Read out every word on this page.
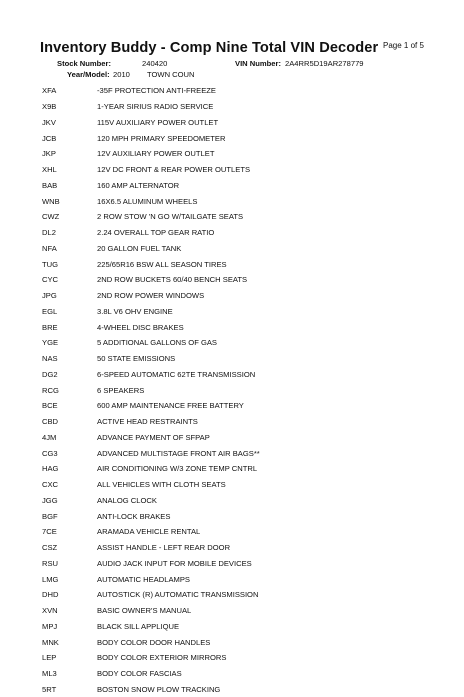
Inventory Buddy - Comp Nine Total VIN Decoder Page 1 of 5
Stock Number:	240420	VIN Number: 2A4RR5D19AR278779
Year/Model: 2010 TOWN COUN
XFA	-35F PROTECTION ANTI-FREEZE
X9B	1-YEAR SIRIUS RADIO SERVICE
JKV	115V AUXILIARY POWER OUTLET
JCB	120 MPH PRIMARY SPEEDOMETER
JKP	12V AUXILIARY POWER OUTLET
XHL	12V DC FRONT & REAR POWER OUTLETS
BAB	160 AMP ALTERNATOR
WNB	16X6.5 ALUMINUM WHEELS
CWZ	2 ROW STOW 'N GO W/TAILGATE SEATS
DL2	2.24 OVERALL TOP GEAR RATIO
NFA	20 GALLON FUEL TANK
TUG	225/65R16 BSW ALL SEASON TIRES
CYC	2ND ROW BUCKETS 60/40 BENCH SEATS
JPG	2ND ROW POWER WINDOWS
EGL	3.8L V6 OHV ENGINE
BRE	4-WHEEL DISC BRAKES
YGE	5 ADDITIONAL GALLONS OF GAS
NAS	50 STATE EMISSIONS
DG2	6-SPEED AUTOMATIC 62TE TRANSMISSION
RCG	6 SPEAKERS
BCE	600 AMP MAINTENANCE FREE BATTERY
CBD	ACTIVE HEAD RESTRAINTS
4JM	ADVANCE PAYMENT OF SFPAP
CG3	ADVANCED MULTISTAGE FRONT AIR BAGS**
HAG	AIR CONDITIONING W/3 ZONE TEMP CNTRL
CXC	ALL VEHICLES WITH CLOTH SEATS
JGG	ANALOG CLOCK
BGF	ANTI-LOCK BRAKES
7CE	ARAMADA VEHICLE RENTAL
CSZ	ASSIST HANDLE - LEFT REAR DOOR
RSU	AUDIO JACK INPUT FOR MOBILE DEVICES
LMG	AUTOMATIC HEADLAMPS
DHD	AUTOSTICK (R) AUTOMATIC TRANSMISSION
XVN	BASIC OWNER'S MANUAL
MPJ	BLACK SILL APPLIQUE
MNK	BODY COLOR DOOR HANDLES
LEP	BODY COLOR EXTERIOR MIRRORS
ML3	BODY COLOR FASCIAS
5RT	BOSTON SNOW PLOW TRACKING
